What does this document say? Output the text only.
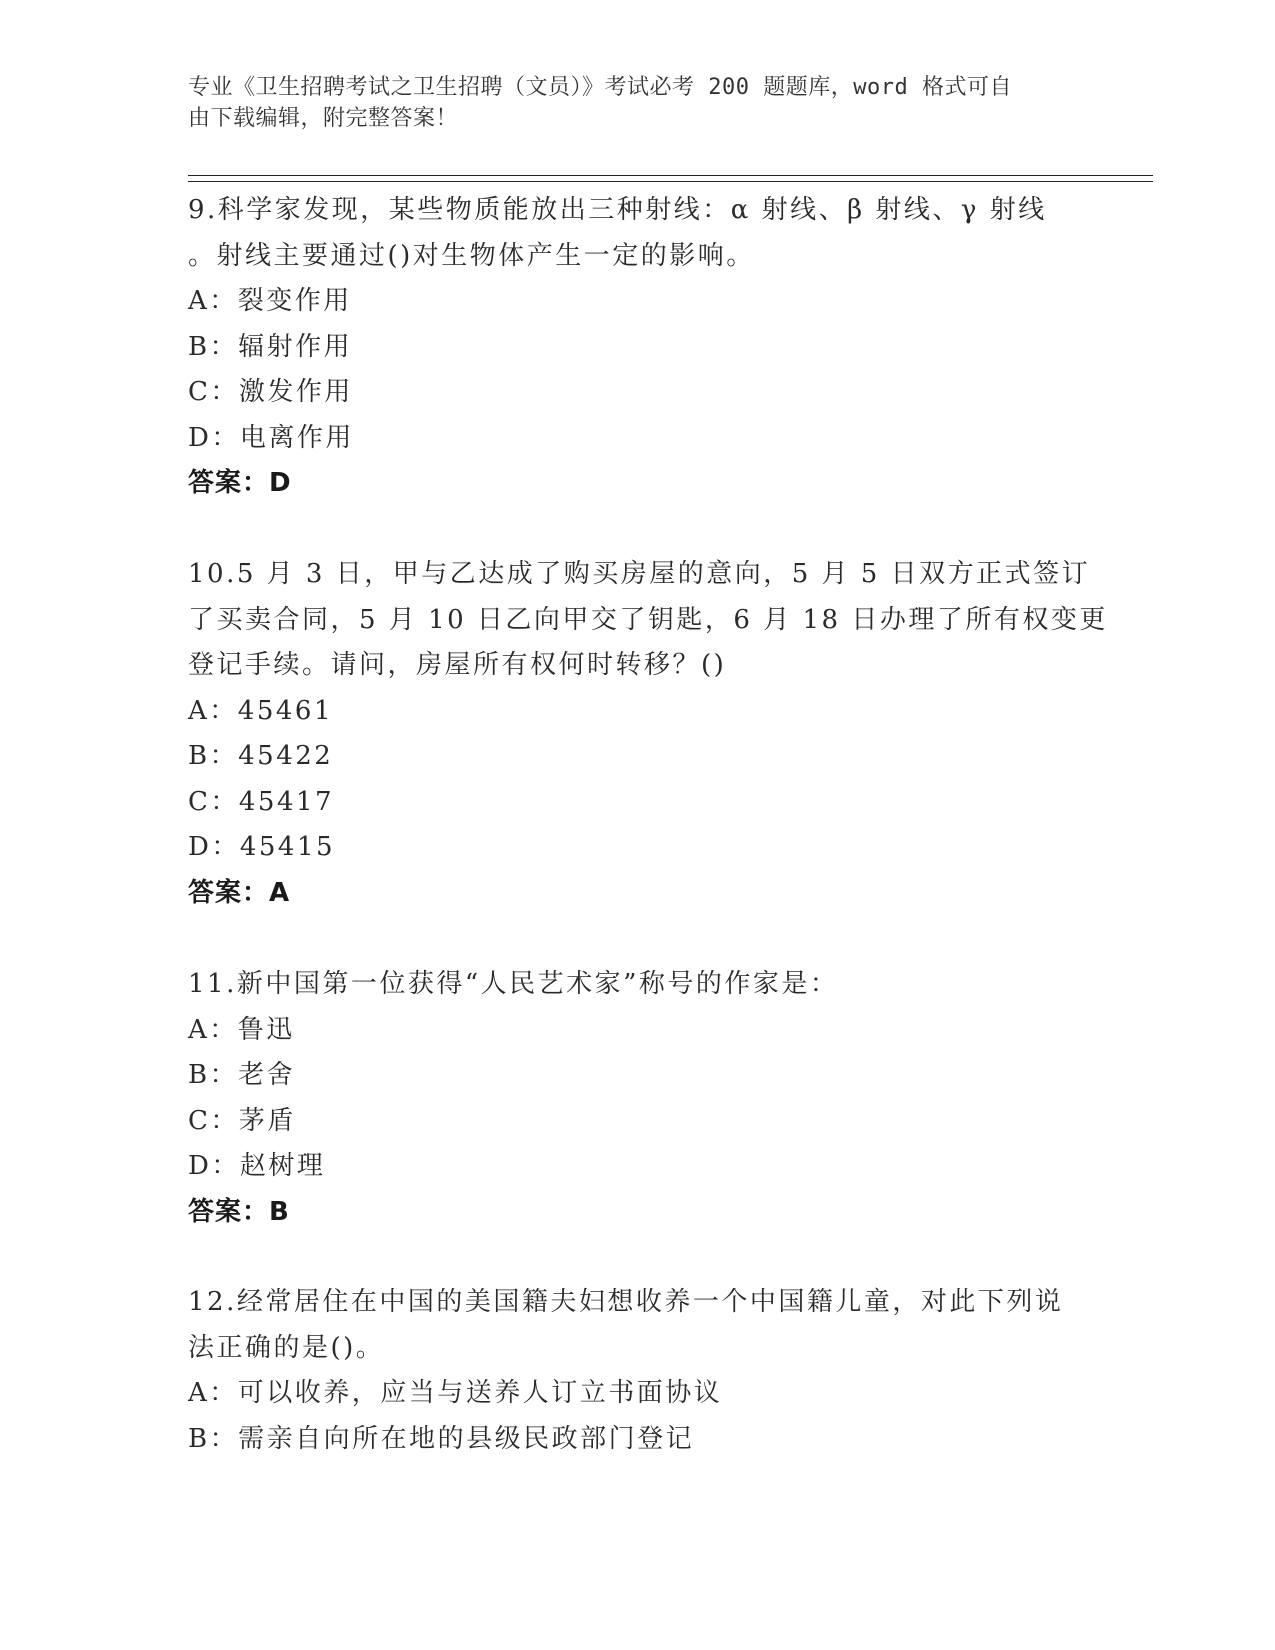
专业《卫生招聘考试之卫生招聘（文员）》考试必考 200 题题库，word 格式可自
由下载编辑，附完整答案！
9.科学家发现，某些物质能放出三种射线：α 射线、β 射线、γ 射线
。射线主要通过()对生物体产生一定的影响。
A：裂变作用
B：辐射作用
C：激发作用
D：电离作用
答案：D
10.5 月 3 日，甲与乙达成了购买房屋的意向，5 月 5 日双方正式签订
了买卖合同，5 月 10 日乙向甲交了钥匙，6 月 18 日办理了所有权变更
登记手续。请问，房屋所有权何时转移？()
A：45461
B：45422
C：45417
D：45415
答案：A
11.新中国第一位获得“人民艺术家”称号的作家是：
A：鲁迅
B：老舍
C：茅盾
D：赵树理
答案：B
12.经常居住在中国的美国籍夫妇想收养一个中国籍儿童，对此下列说
法正确的是()。
A：可以收养，应当与送养人订立书面协议
B：需亲自向所在地的县级民政部门登记
